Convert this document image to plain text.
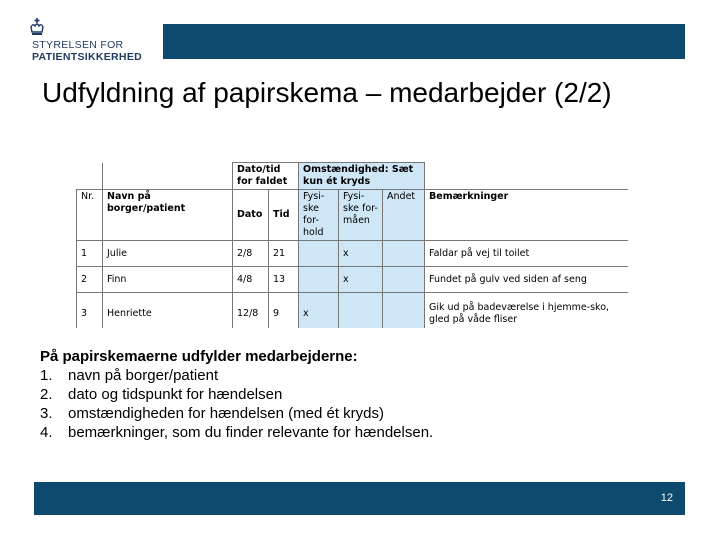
STYRELSEN FOR
PATIENTSIKKERHED
Udfyldning af papirskema – medarbejder (2/2)
		Dato/tid for faldet		Omstændighed: Sæt kun ét kryds			
Nr.	Navn på borger/patient	Dato	Tid	Fysi-ske for-hold	Fysi-ske for-måen	Andet	Bemærkninger
1	Julie	2/8	21		x		Faldar på vej til toilet
2	Finn	4/8	13		x		Fundet på gulv ved siden af seng
3	Henriette	12/8	9	x			Gik ud på badeværelse i hjemme-sko, gled på våde fliser
På papirskemaerne udfylder medarbejderne:
1. navn på borger/patient
2. dato og tidspunkt for hændelsen
3. omstændigheden for hændelsen (med ét kryds)
4. bemærkninger, som du finder relevante for hændelsen.
12
